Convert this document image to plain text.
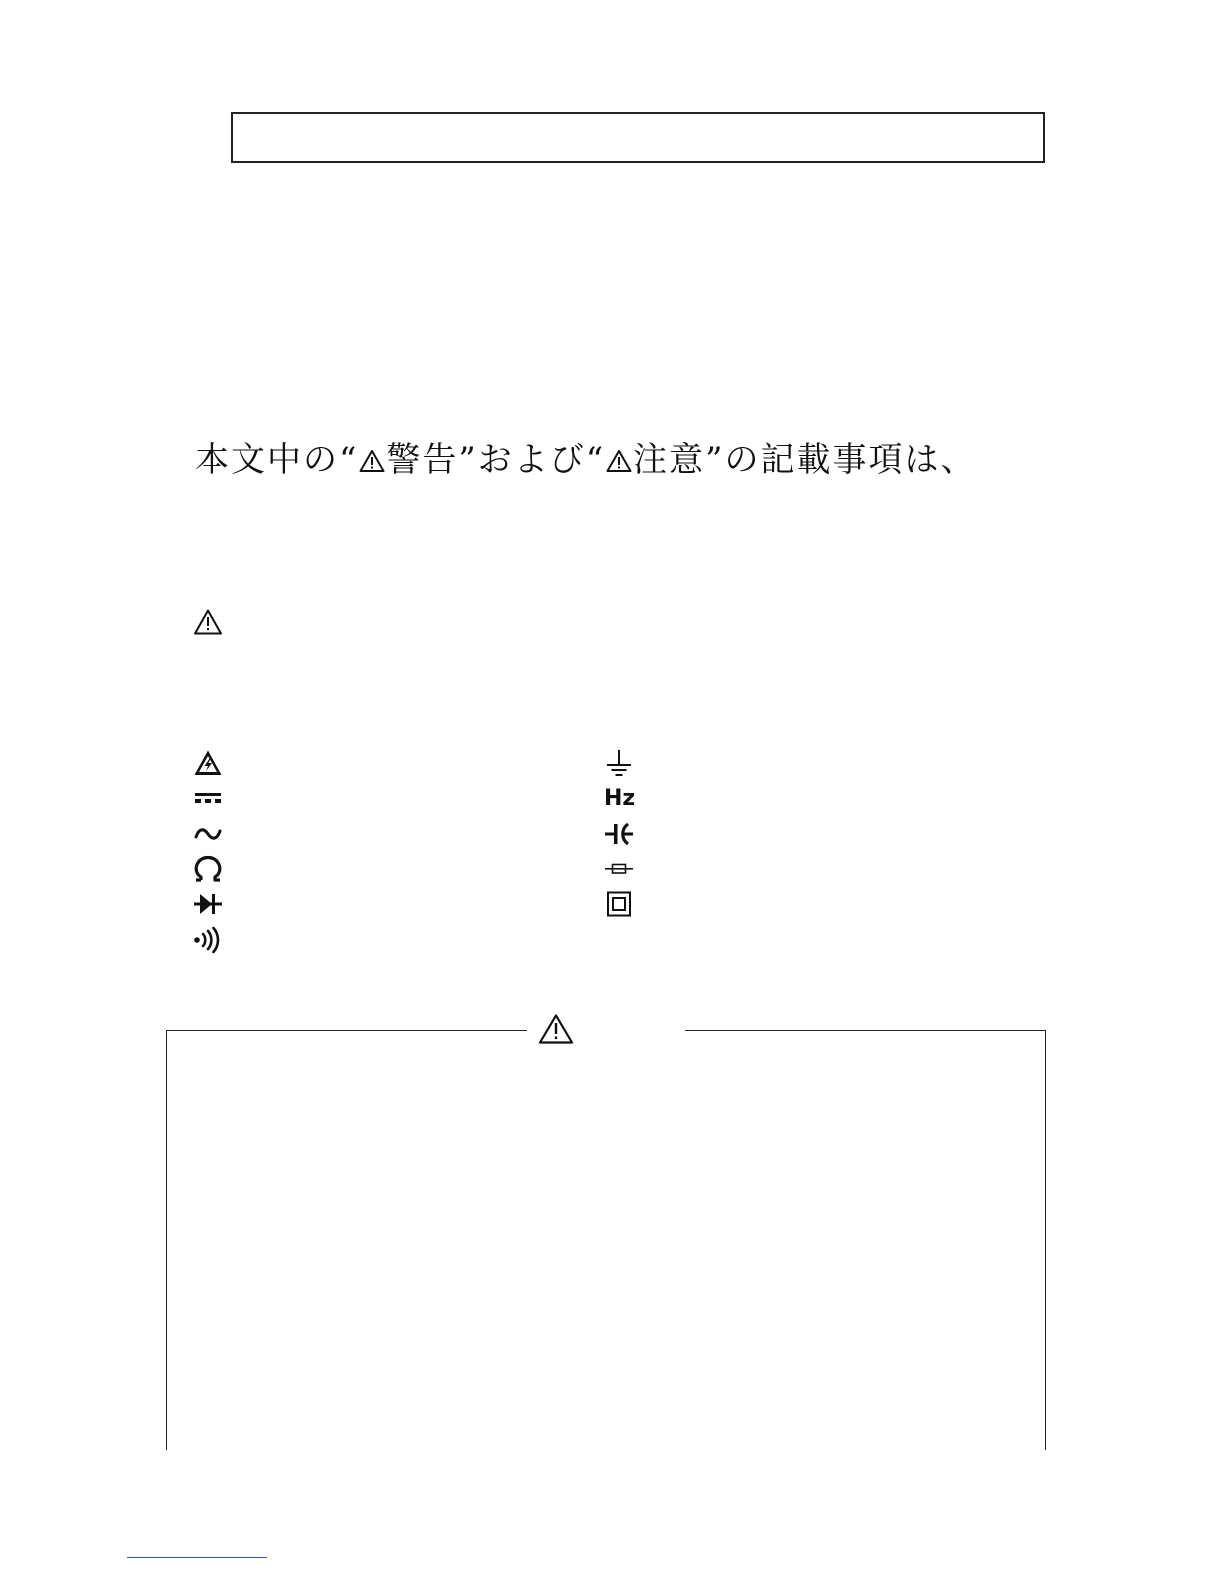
本文中の“ 警告”および“ 注意”の記載事項は、
Hz
